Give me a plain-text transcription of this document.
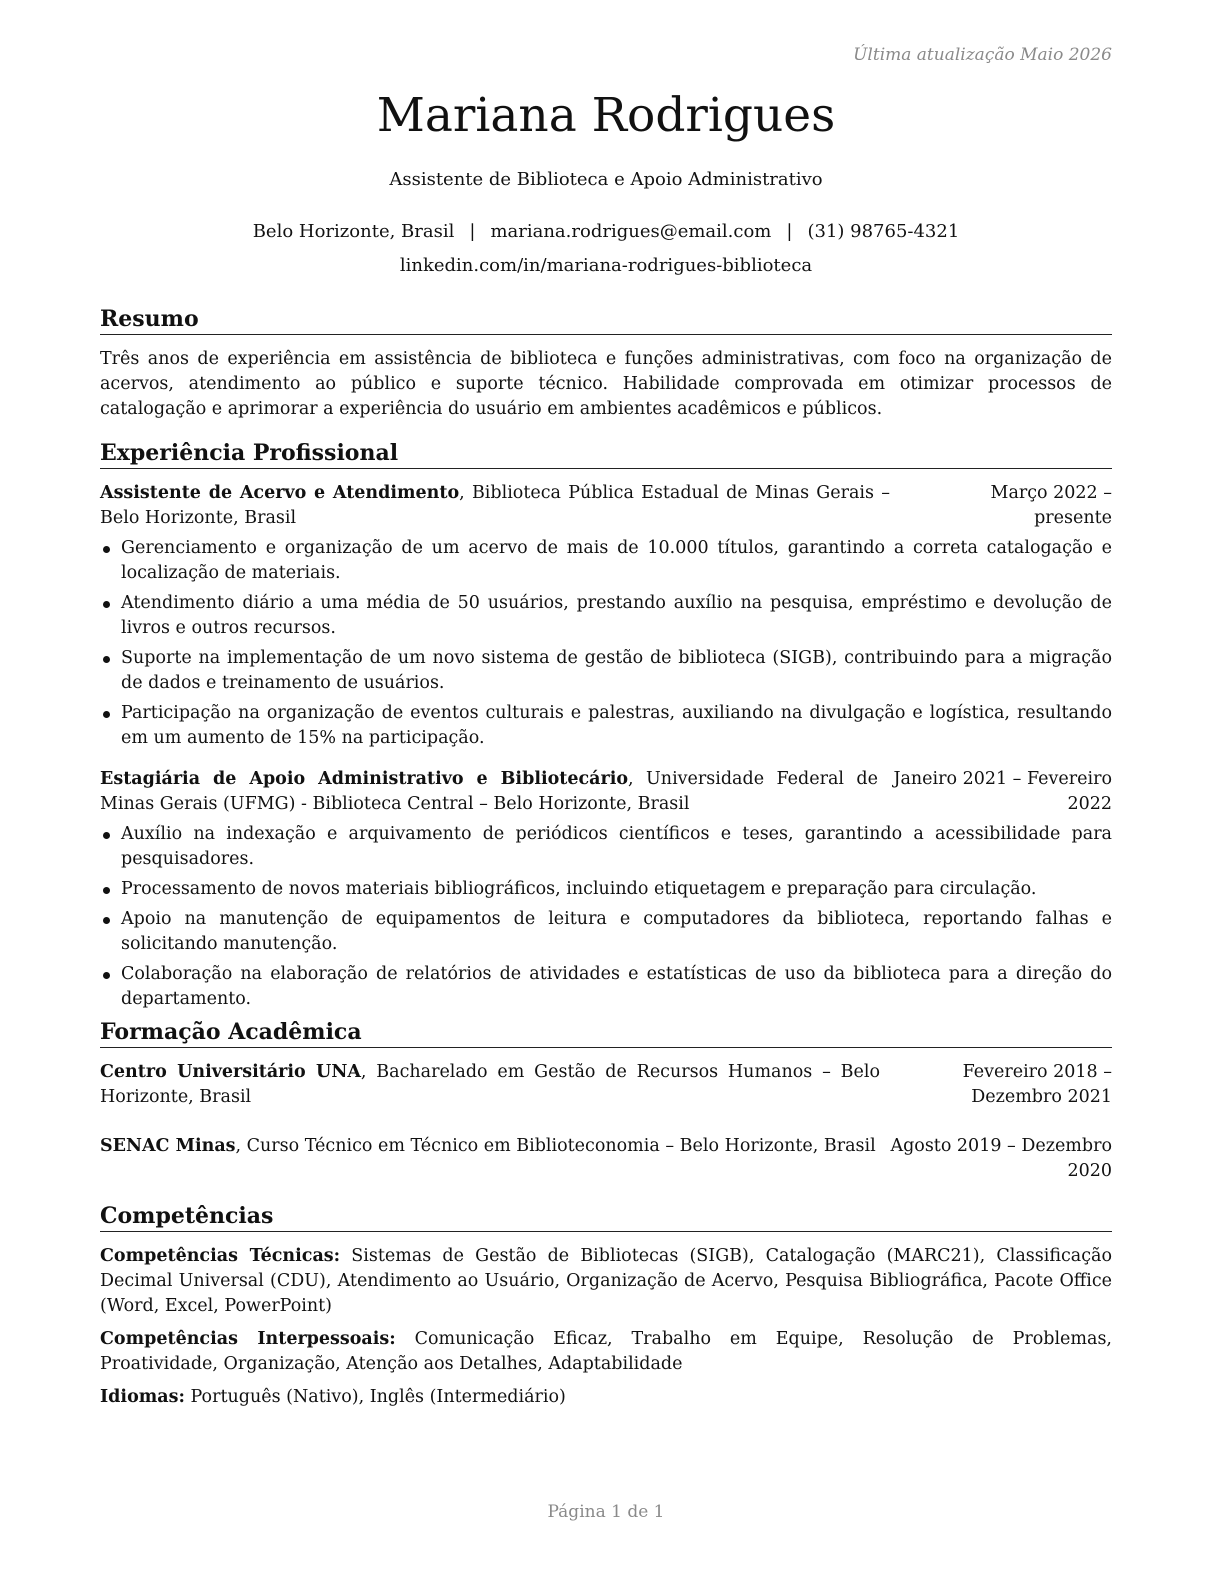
Última atualização Maio 2026
Mariana Rodrigues
Assistente de Biblioteca e Apoio Administrativo
Belo Horizonte, Brasil | mariana.rodrigues@email.com | (31) 98765-4321
linkedin.com/in/mariana-rodrigues-biblioteca
Resumo
Três anos de experiência em assistência de biblioteca e funções administrativas, com foco na organização de acervos, atendimento ao público e suporte técnico. Habilidade comprovada em otimizar processos de catalogação e aprimorar a experiência do usuário em ambientes acadêmicos e públicos.
Experiência Profissional
Assistente de Acervo e Atendimento, Biblioteca Pública Estadual de Minas Gerais – Belo Horizonte, Brasil
Março 2022 – presente
Gerenciamento e organização de um acervo de mais de 10.000 títulos, garantindo a correta catalogação e localização de materiais.
Atendimento diário a uma média de 50 usuários, prestando auxílio na pesquisa, empréstimo e devolução de livros e outros recursos.
Suporte na implementação de um novo sistema de gestão de biblioteca (SIGB), contribuindo para a migração de dados e treinamento de usuários.
Participação na organização de eventos culturais e palestras, auxiliando na divulgação e logística, resultando em um aumento de 15% na participação.
Estagiária de Apoio Administrativo e Bibliotecário, Universidade Federal de Minas Gerais (UFMG) - Biblioteca Central – Belo Horizonte, Brasil
Janeiro 2021 – Fevereiro 2022
Auxílio na indexação e arquivamento de periódicos científicos e teses, garantindo a acessibilidade para pesquisadores.
Processamento de novos materiais bibliográficos, incluindo etiquetagem e preparação para circulação.
Apoio na manutenção de equipamentos de leitura e computadores da biblioteca, reportando falhas e solicitando manutenção.
Colaboração na elaboração de relatórios de atividades e estatísticas de uso da biblioteca para a direção do departamento.
Formação Acadêmica
Centro Universitário UNA, Bacharelado em Gestão de Recursos Humanos – Belo Horizonte, Brasil
Fevereiro 2018 – Dezembro 2021
SENAC Minas, Curso Técnico em Técnico em Biblioteconomia – Belo Horizonte, Brasil Agosto 2019 – Dezembro 2020
Competências
Competências Técnicas: Sistemas de Gestão de Bibliotecas (SIGB), Catalogação (MARC21), Classificação Decimal Universal (CDU), Atendimento ao Usuário, Organização de Acervo, Pesquisa Bibliográfica, Pacote Office (Word, Excel, PowerPoint)
Competências Interpessoais: Comunicação Eficaz, Trabalho em Equipe, Resolução de Problemas, Proatividade, Organização, Atenção aos Detalhes, Adaptabilidade
Idiomas: Português (Nativo), Inglês (Intermediário)
Página 1 de 1
